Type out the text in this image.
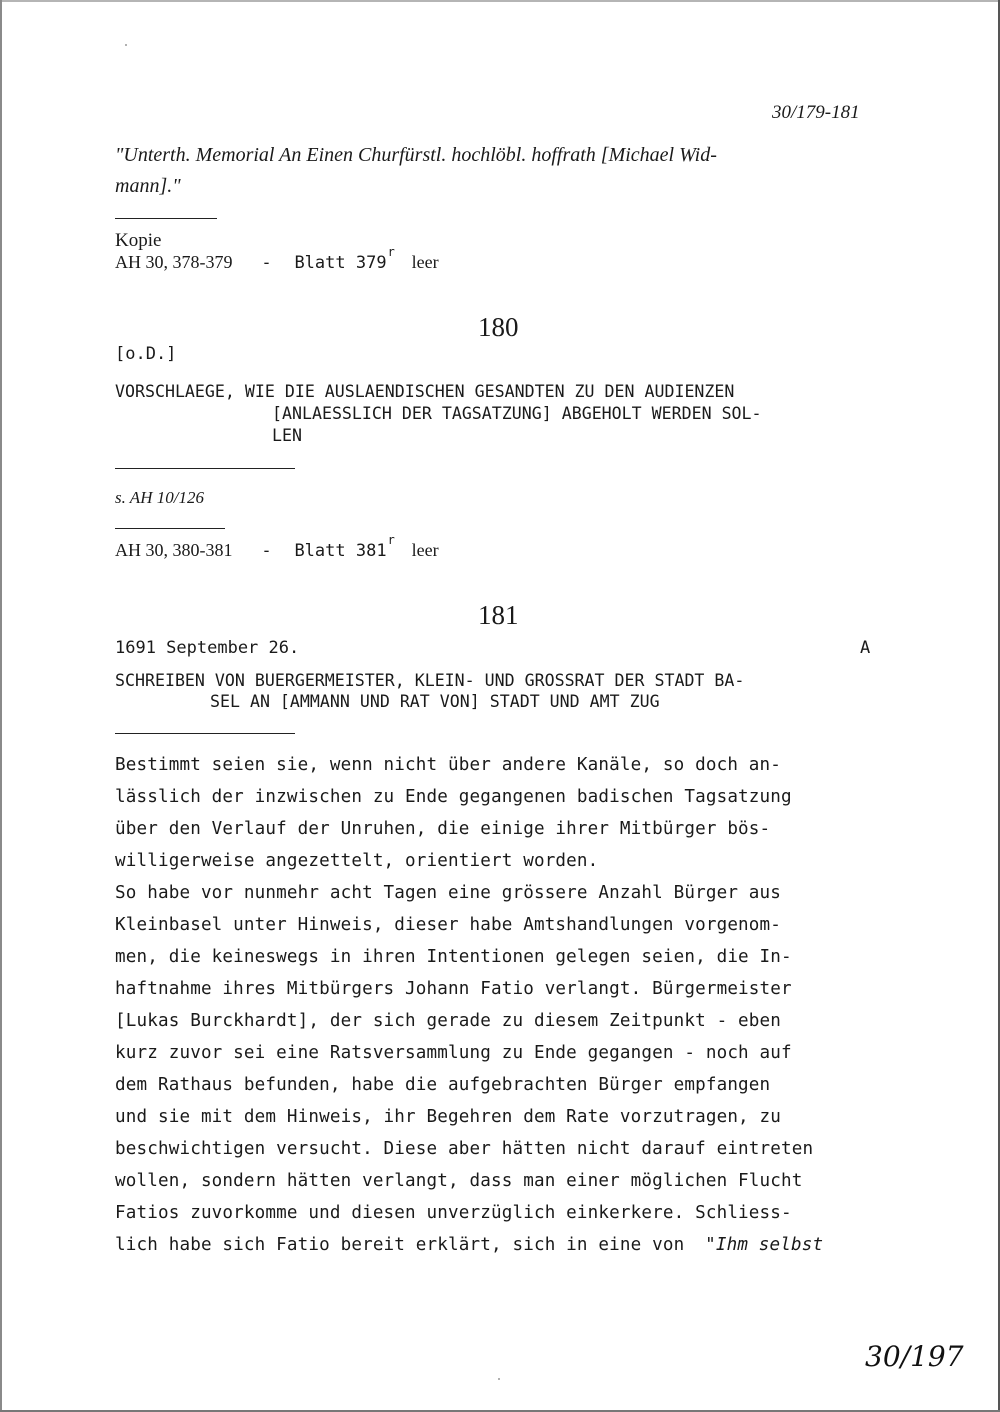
30/179-181
"Unterth. Memorial An Einen Churfürstl. hochlöbl. hoffrath [Michael Wid-
mann]."
Kopie
AH 30, 378-379 - Blatt 379$^r$ leer
180
[o.D.]
VORSCHLAEGE, WIE DIE AUSLAENDISCHEN GESANDTEN ZU DEN AUDIENZEN
[ANLAESSLICH DER TAGSATZUNG] ABGEHOLT WERDEN SOL-
LEN
s. AH 10/126
AH 30, 380-381 - Blatt 381$^r$ leer
181
1691 September 26.	A
SCHREIBEN VON BUERGERMEISTER, KLEIN- UND GROSSRAT DER STADT BA-
SEL AN [AMMANN UND RAT VON] STADT UND AMT ZUG
Bestimmt seien sie, wenn nicht über andere Kanäle, so doch an-
lässlich der inzwischen zu Ende gegangenen badischen Tagsatzung
über den Verlauf der Unruhen, die einige ihrer Mitbürger bös-
willigerweise angezettelt, orientiert worden.
So habe vor nunmehr acht Tagen eine grössere Anzahl Bürger aus
Kleinbasel unter Hinweis, dieser habe Amtshandlungen vorgenom-
men, die keineswegs in ihren Intentionen gelegen seien, die In-
haftnahme ihres Mitbürgers Johann Fatio verlangt. Bürgermeister
[Lukas Burckhardt], der sich gerade zu diesem Zeitpunkt - eben
kurz zuvor sei eine Ratsversammlung zu Ende gegangen - noch auf
dem Rathaus befunden, habe die aufgebrachten Bürger empfangen
und sie mit dem Hinweis, ihr Begehren dem Rate vorzutragen, zu
beschwichtigen versucht. Diese aber hätten nicht darauf eintreten
wollen, sondern hätten verlangt, dass man einer möglichen Flucht
Fatios zuvorkomme und diesen unverzüglich einkerkere. Schliess-
lich habe sich Fatio bereit erklärt, sich in eine von "Ihm selbst
30/197
